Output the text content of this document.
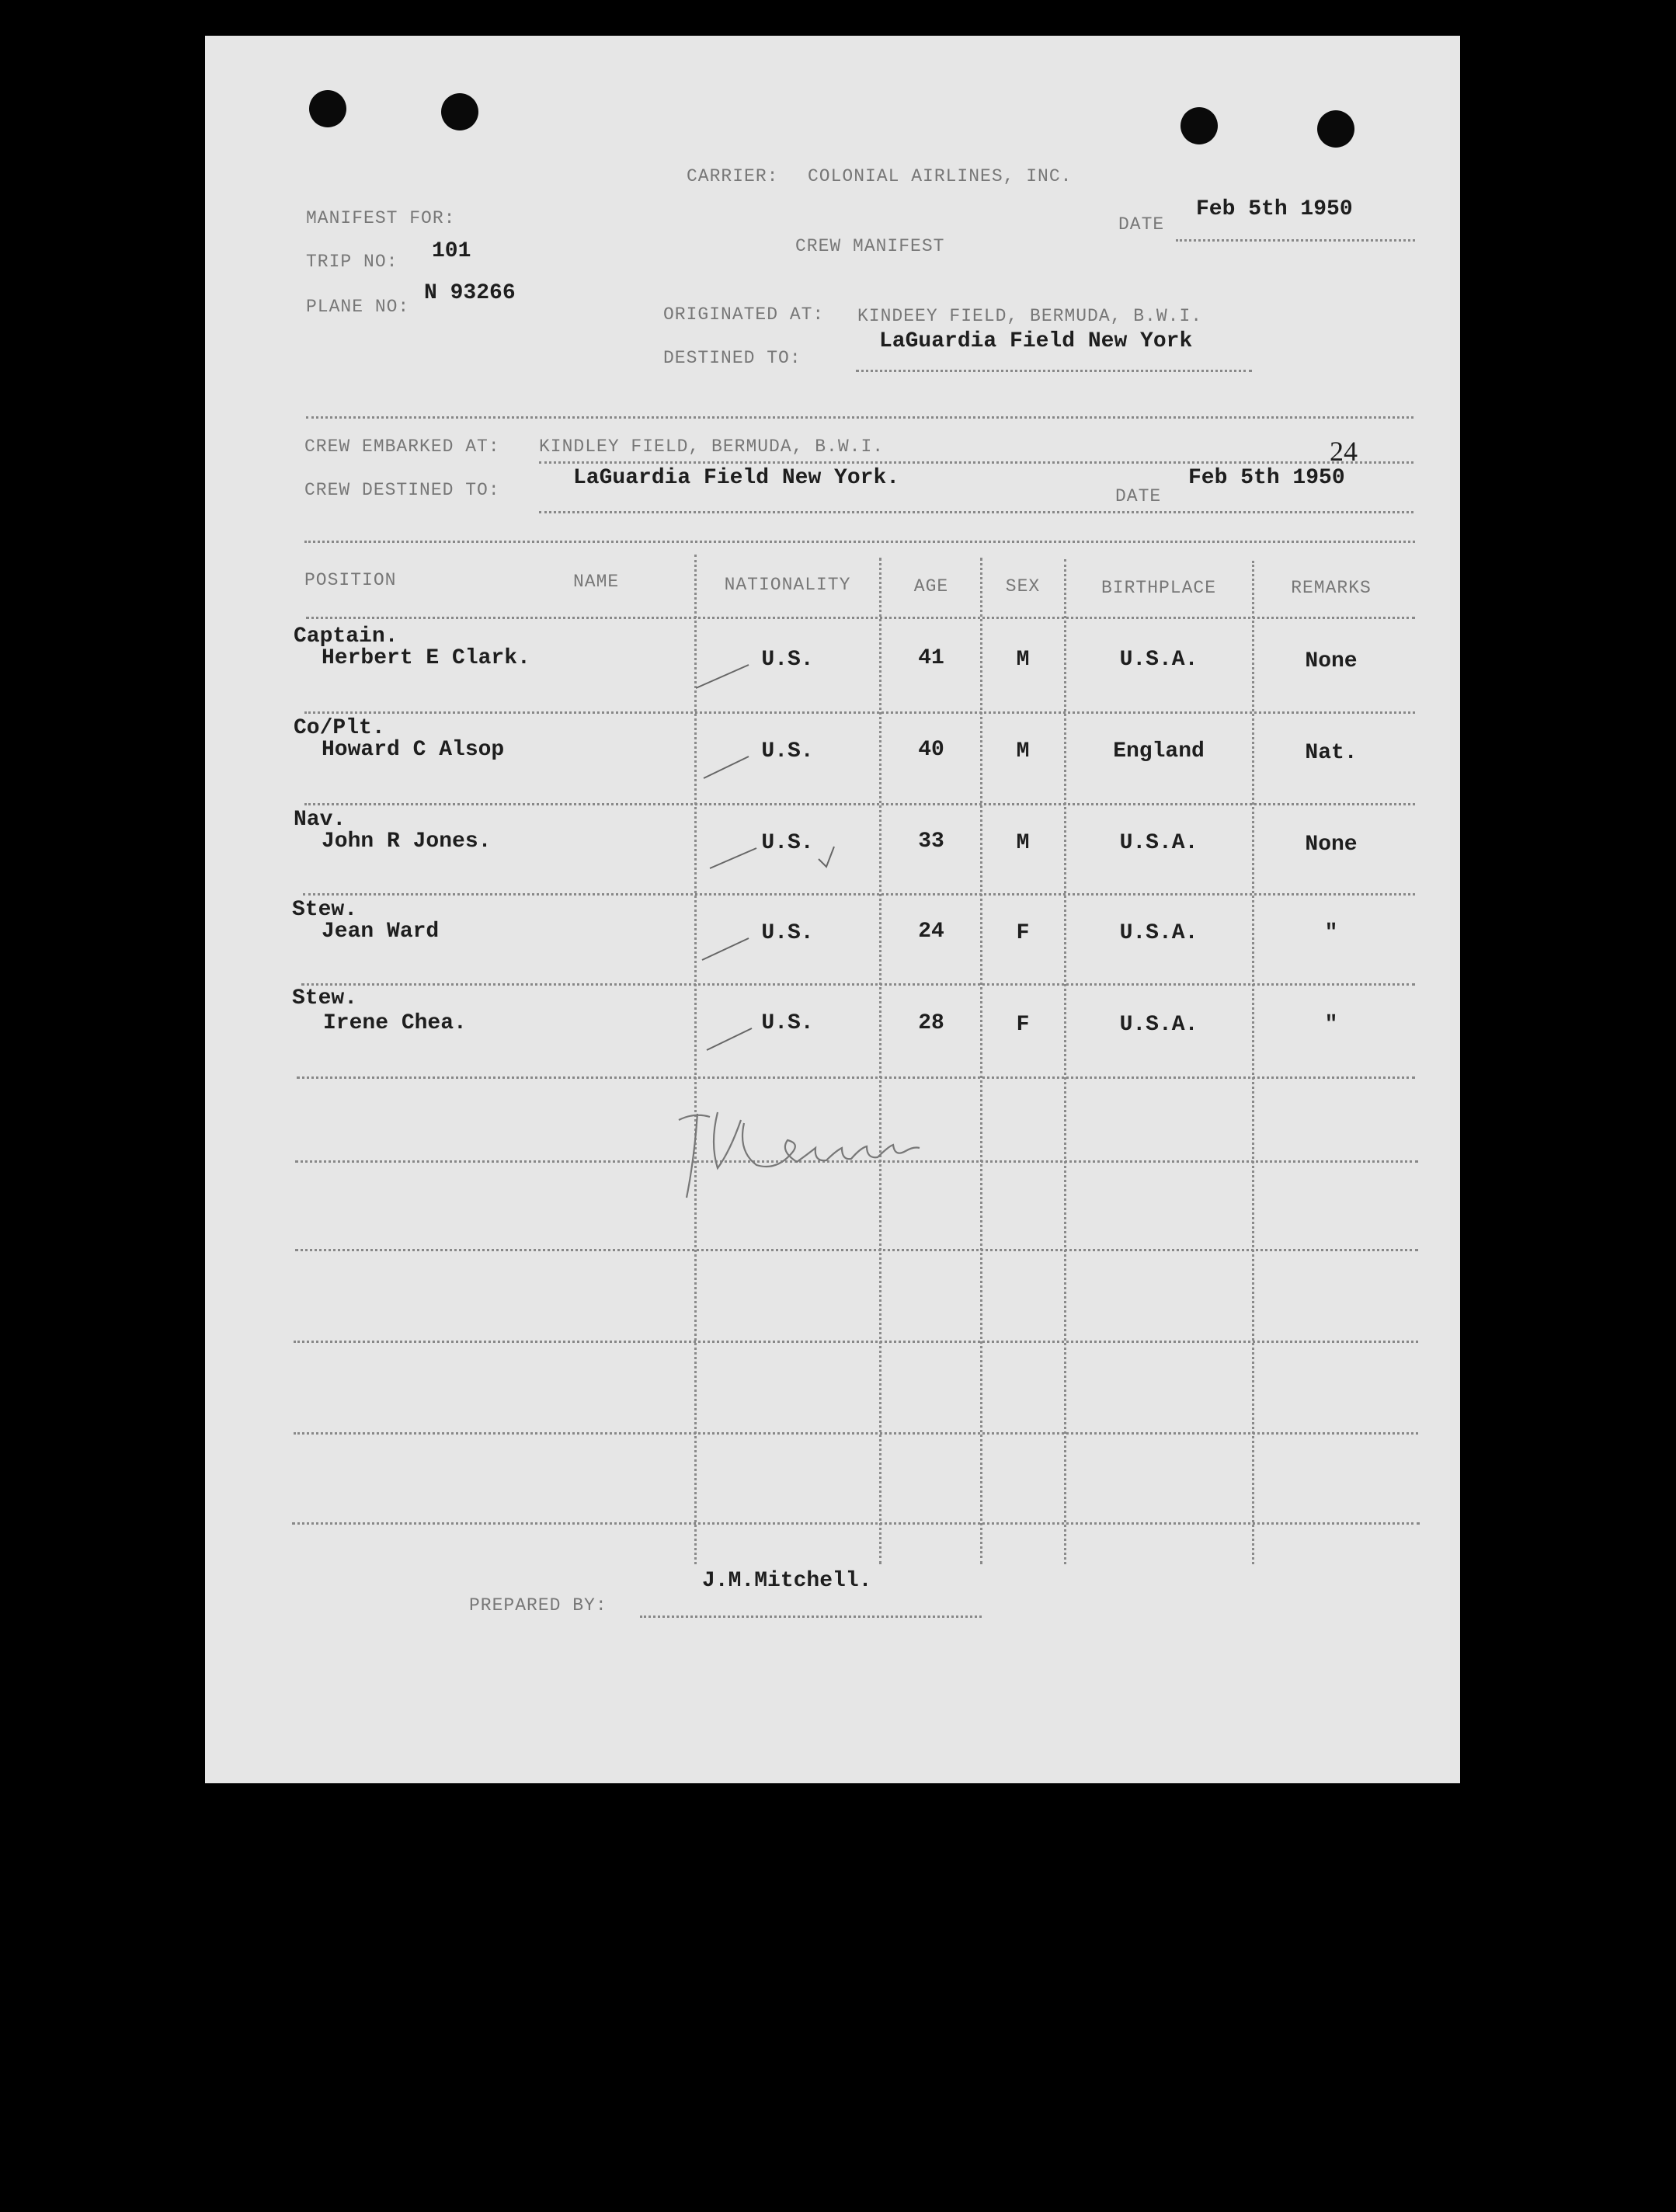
CARRIER: COLONIAL AIRLINES, INC.
MANIFEST FOR:	DATE
Feb 5th 1950
TRIP NO: 101	CREW MANIFEST
PLANE NO:
N 93266
ORIGINATED AT: KINDEEY FIELD, BERMUDA, B.W.I.
LaGuardia Field New York
DESTINED TO:
CREW EMBARKED AT: KINDLEY FIELD, BERMUDA, B.W.I.	24
CREW DESTINED TO:	LaGuardia Field New York.
DATE
Feb 5th 1950
POSITION	NAME	NATIONALITY	AGE	SEX	BIRTHPLACE	REMARKS
Captain.
Herbert E Clark.	U.S.	41	M	U.S.A.	None
Co/Plt.
Howard C Alsop	U.S.	40	M	England	Nat.
Nav.
John R Jones.	U.S.	33	M	U.S.A.	None
Stew.
Jean Ward	U.S.	24	F	U.S.A.	"
Stew.
Irene Chea.	U.S.	28	F	U.S.A.	"
PREPARED BY:
J.M.Mitchell.
